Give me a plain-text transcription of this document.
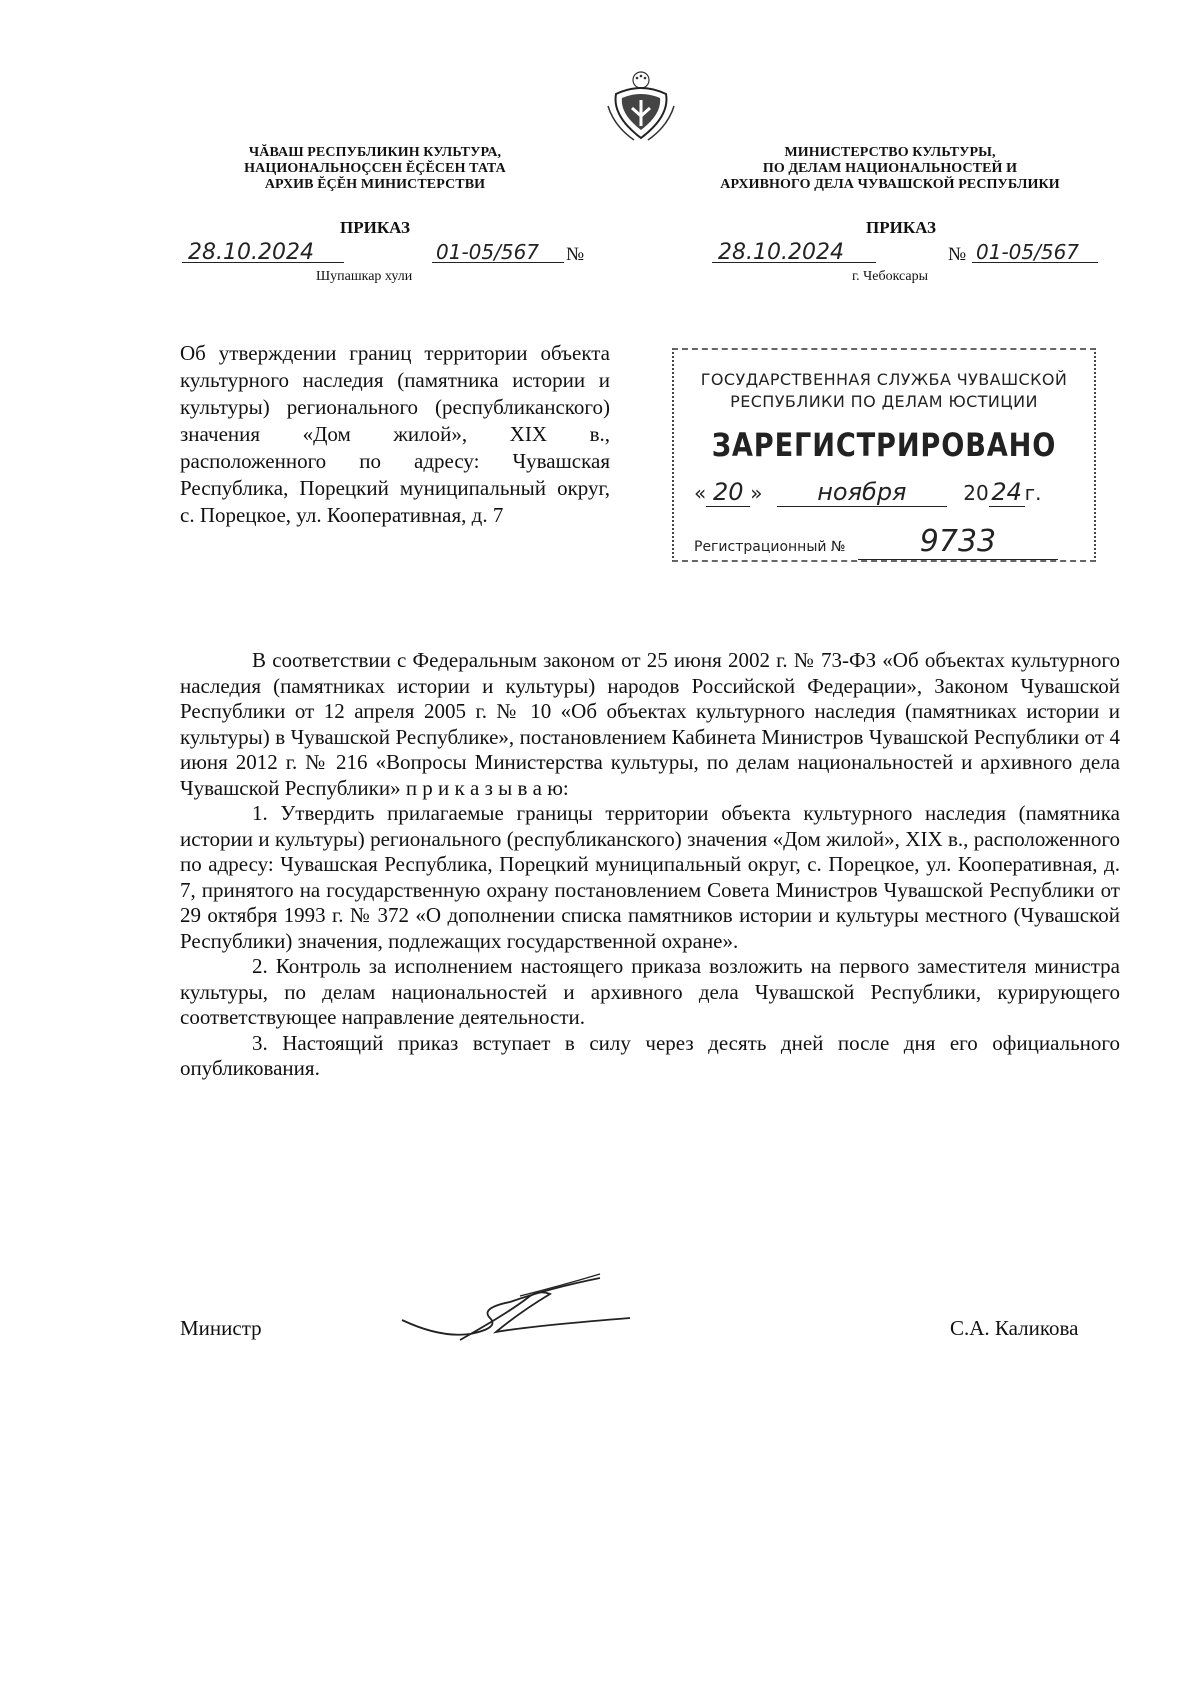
ЧĂВАШ РЕСПУБЛИКИН КУЛЬТУРА,
НАЦИОНАЛЬНОÇСЕН ĔÇĔСЕН ТАТА
АРХИВ ĔÇĔН МИНИСТЕРСТВИ
МИНИСТЕРСТВО КУЛЬТУРЫ,
ПО ДЕЛАМ НАЦИОНАЛЬНОСТЕЙ И
АРХИВНОГО ДЕЛА ЧУВАШСКОЙ РЕСПУБЛИКИ
ПРИКАЗ	ПРИКАЗ
28.10.2024	01-05/567	№
Шупашкар хули
28.10.2024	№ 01-05/567
г. Чебоксары
Об утверждении границ территории объекта культурного наследия (памятника истории и культуры) регионального (республиканского) значения «Дом жилой», XIX в., расположенного по адресу: Чувашская Республика, Порецкий муниципальный округ, с. Порецкое, ул. Кооперативная, д. 7
ГОСУДАРСТВЕННАЯ СЛУЖБА ЧУВАШСКОЙ
РЕСПУБЛИКИ ПО ДЕЛАМ ЮСТИЦИИ
ЗАРЕГИСТРИРОВАНО
« 20 » ноября	20 24 г.
Регистрационный № 9733

В соответствии с Федеральным законом от 25 июня 2002 г. № 73-ФЗ «Об объектах культурного наследия (памятниках истории и культуры) народов Российской Федерации», Законом Чувашской Республики от 12 апреля 2005 г. № 10 «Об объектах культурного наследия (памятниках истории и культуры) в Чувашской Республике», постановлением Кабинета Министров Чувашской Республики от 4 июня 2012 г. № 216 «Вопросы Министерства культуры, по делам национальностей и архивного дела Чувашской Республики» п р и к а з ы в а ю:

1. Утвердить прилагаемые границы территории объекта культурного наследия (памятника истории и культуры) регионального (республиканского) значения «Дом жилой», XIX в., расположенного по адресу: Чувашская Республика, Порецкий муниципальный округ, с. Порецкое, ул. Кооперативная, д. 7, принятого на государственную охрану постановлением Совета Министров Чувашской Республики от 29 октября 1993 г. № 372 «О дополнении списка памятников истории и культуры местного (Чувашской Республики) значения, подлежащих государственной охране».

2. Контроль за исполнением настоящего приказа возложить на первого заместителя министра культуры, по делам национальностей и архивного дела Чувашской Республики, курирующего соответствующее направление деятельности.

3. Настоящий приказ вступает в силу через десять дней после дня его официального опубликования.

Министр	С.А. Каликова
